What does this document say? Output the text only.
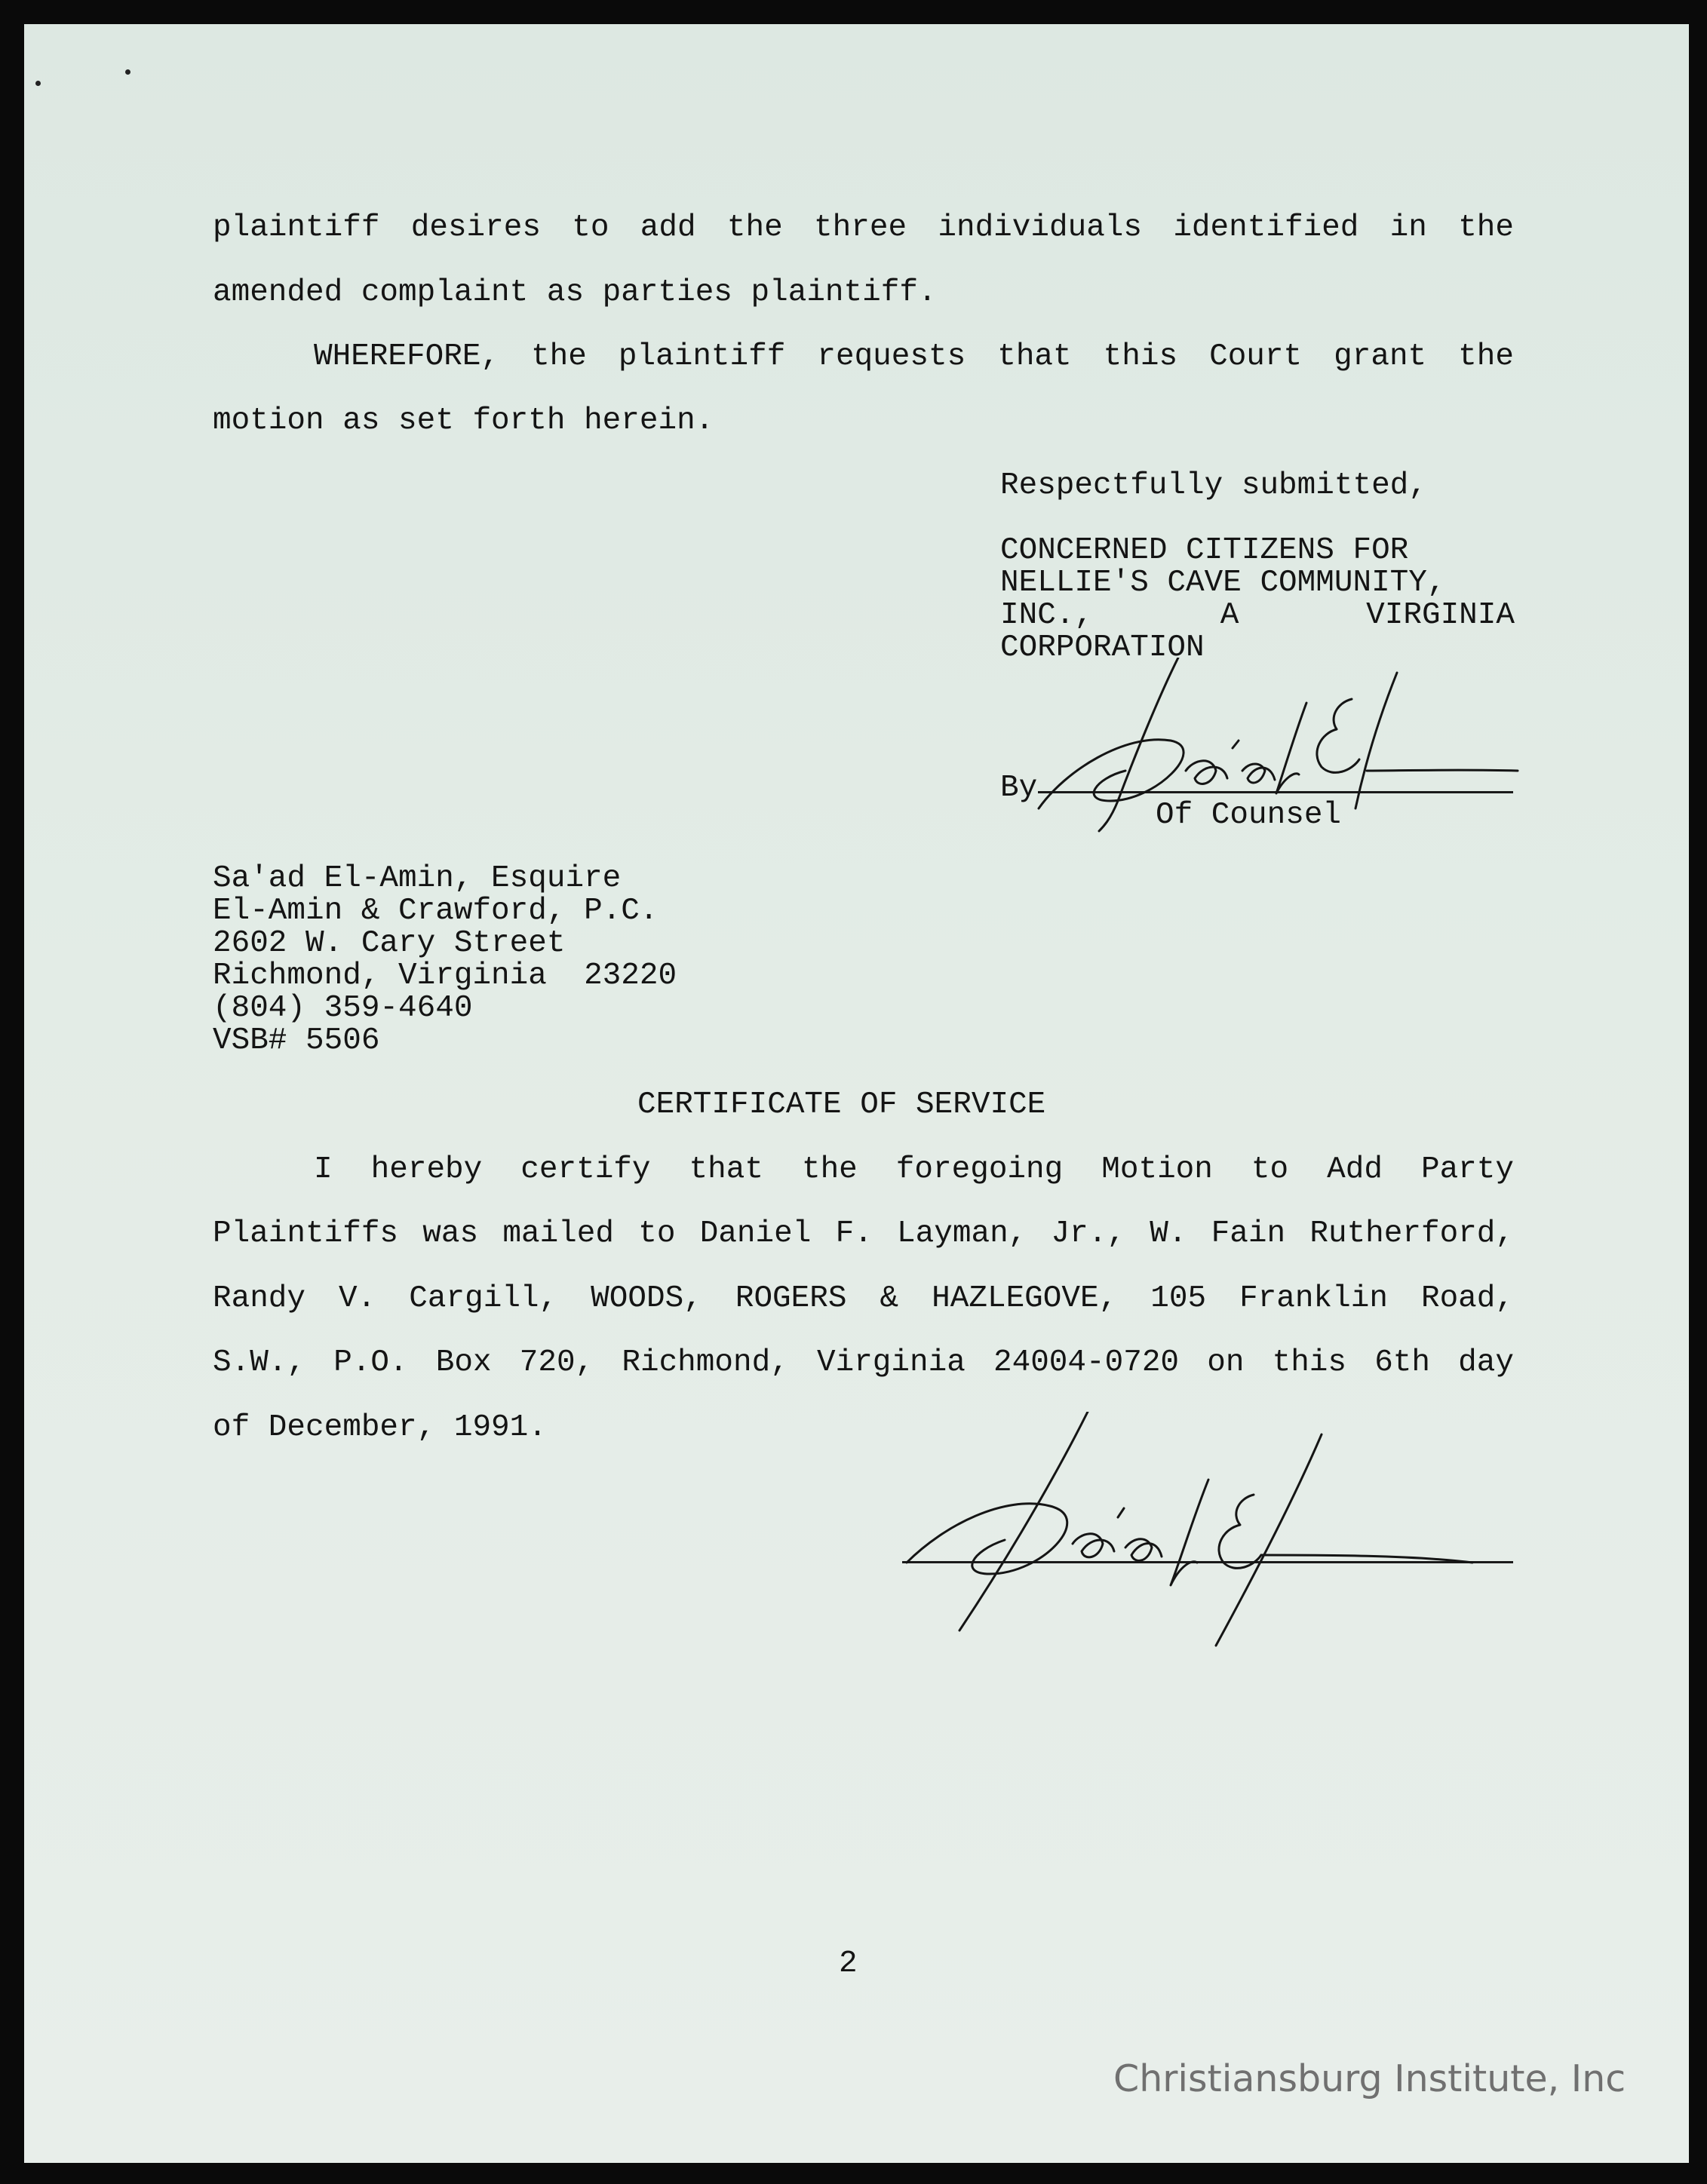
plaintiff desires to add the three individuals identified in the
amended complaint as parties plaintiff.
WHEREFORE, the plaintiff requests that this Court grant the
motion as set forth herein.
Respectfully submitted,
CONCERNED CITIZENS FOR
NELLIE'S CAVE COMMUNITY,
INC., A VIRGINIA
CORPORATION
By
Of Counsel
Sa'ad El-Amin, Esquire
El-Amin & Crawford, P.C.
2602 W. Cary Street
Richmond, Virginia  23220
(804) 359-4640
VSB# 5506
CERTIFICATE OF SERVICE
I hereby certify that the foregoing Motion to Add Party
Plaintiffs was mailed to Daniel F. Layman, Jr., W. Fain Rutherford,
Randy V. Cargill, WOODS, ROGERS & HAZLEGOVE, 105 Franklin Road,
S.W., P.O. Box 720, Richmond, Virginia 24004-0720 on this 6th day
of December, 1991.
2
Christiansburg Institute, Inc
